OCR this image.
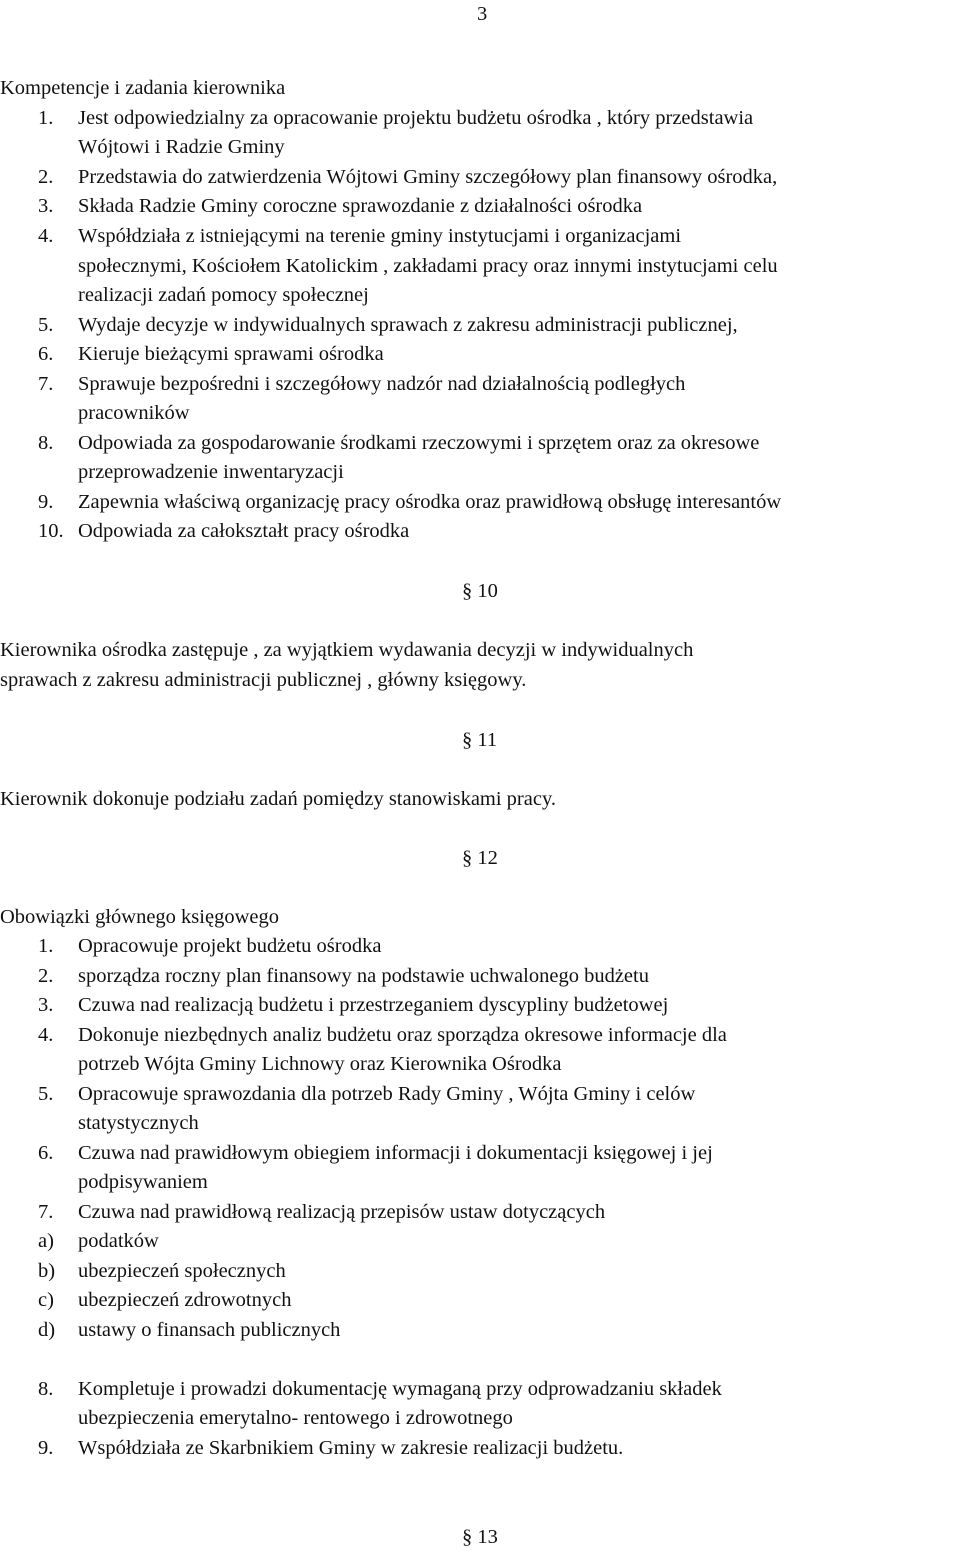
3
Kompetencje i zadania kierownika
1. Jest odpowiedzialny za opracowanie projektu budżetu ośrodka , który przedstawia
Wójtowi i Radzie Gminy
2. Przedstawia do zatwierdzenia Wójtowi Gminy szczegółowy plan finansowy ośrodka,
3. Składa Radzie Gminy coroczne sprawozdanie z działalności ośrodka
4. Współdziała z istniejącymi na terenie gminy instytucjami i organizacjami
społecznymi, Kościołem Katolickim , zakładami pracy oraz innymi instytucjami celu
realizacji zadań pomocy społecznej
5. Wydaje decyzje w indywidualnych sprawach z zakresu administracji publicznej,
6. Kieruje bieżącymi sprawami ośrodka
7. Sprawuje bezpośredni i szczegółowy nadzór nad działalnością podległych
pracowników
8. Odpowiada za gospodarowanie środkami rzeczowymi i sprzętem oraz za okresowe
przeprowadzenie inwentaryzacji
9. Zapewnia właściwą organizację pracy ośrodka oraz prawidłową obsługę interesantów
10. Odpowiada za całokształt pracy ośrodka
§ 10
Kierownika ośrodka zastępuje , za wyjątkiem wydawania decyzji w indywidualnych
sprawach z zakresu administracji publicznej , główny księgowy.
§ 11
Kierownik dokonuje podziału zadań pomiędzy stanowiskami pracy.
§ 12
Obowiązki głównego księgowego
1. Opracowuje projekt budżetu ośrodka
2. sporządza roczny plan finansowy na podstawie uchwalonego budżetu
3. Czuwa nad realizacją budżetu i przestrzeganiem dyscypliny budżetowej
4. Dokonuje niezbędnych analiz budżetu oraz sporządza okresowe informacje dla
potrzeb Wójta Gminy Lichnowy oraz Kierownika Ośrodka
5. Opracowuje sprawozdania dla potrzeb Rady Gminy , Wójta Gminy i celów
statystycznych
6. Czuwa nad prawidłowym obiegiem informacji i dokumentacji księgowej i jej
podpisywaniem
7. Czuwa nad prawidłową realizacją przepisów ustaw dotyczących
a) podatków
b) ubezpieczeń społecznych
c) ubezpieczeń zdrowotnych
d) ustawy o finansach publicznych
8. Kompletuje i prowadzi dokumentację wymaganą przy odprowadzaniu składek
ubezpieczenia emerytalno- rentowego i zdrowotnego
9. Współdziała ze Skarbnikiem Gminy w zakresie realizacji budżetu.
§ 13
